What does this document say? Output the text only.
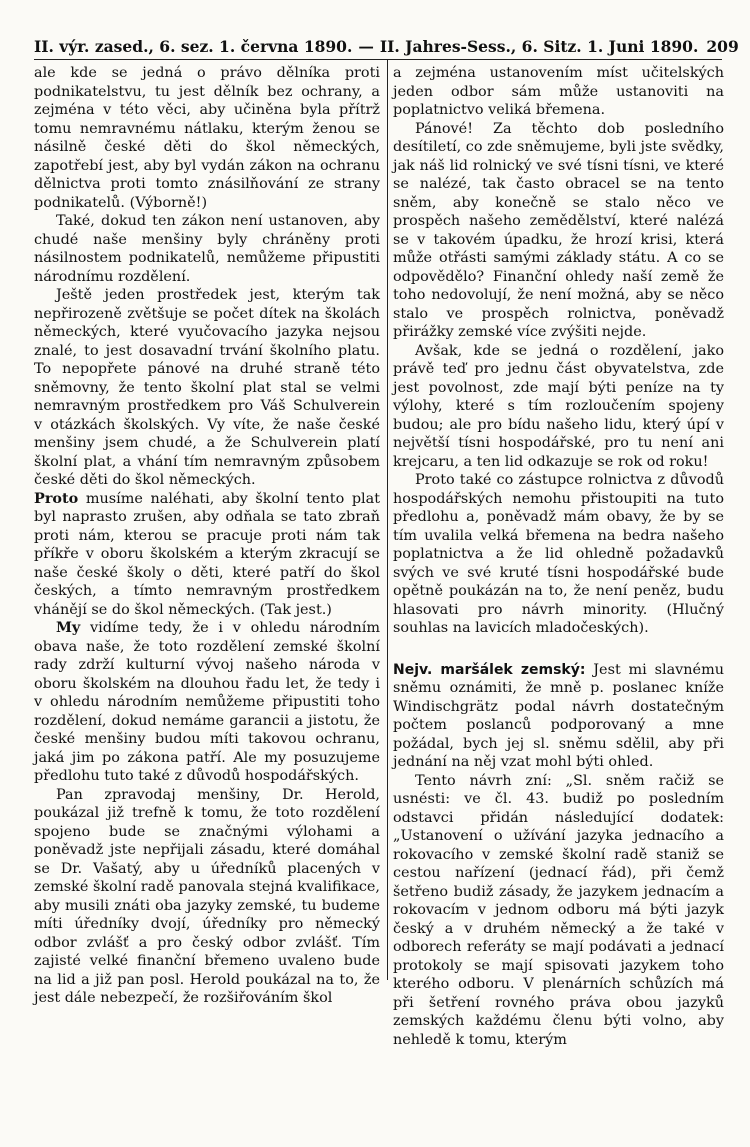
II. výr. zased., 6. sez. 1. června 1890. — II. Jahres-Sess., 6. Sitz. 1. Juni 1890. 209

ale kde se jedná o právo dělníka proti podnikatelstvu, tu jest dělník bez ochrany, a zejména v této věci, aby učiněna byla přítrž tomu nemravnému nátlaku, kterým ženou se násilně české děti do škol německých, zapotřebí jest, aby byl vydán zákon na ochranu dělnictva proti tomto znásilňování ze strany podnikatelů. (Výborně!)

Také, dokud ten zákon není ustanoven, aby chudé naše menšiny byly chráněny proti násilnostem podnikatelů, nemůžeme připustiti národnímu rozdělení.

Ještě jeden prostředek jest, kterým tak nepřirozeně zvětšuje se počet dítek na školách německých, které vyučovacího jazyka nejsou znalé, to jest dosavadní trvání školního platu. To nepopřete pánové na druhé straně této sněmovny, že tento školní plat stal se velmi nemravným prostředkem pro Váš Schulverein v otázkách školských. Vy víte, že naše české menšiny jsem chudé, a že Schulverein platí školní plat, a vhání tím nemravným způsobem české děti do škol německých.

Proto musíme naléhati, aby školní tento plat byl naprasto zrušen, aby odňala se tato zbraň proti nám, kterou se pracuje proti nám tak příkře v oboru školském a kterým zkracují se naše české školy o děti, které patří do škol českých, a tímto nemravným prostředkem vhánějí se do škol německých. (Tak jest.)

My vidíme tedy, že i v ohledu národním obava naše, že toto rozdělení zemské školní rady zdrží kulturní vývoj našeho národa v oboru školském na dlouhou řadu let, že tedy i v ohledu národním nemůžeme připustiti toho rozdělení, dokud nemáme garancii a jistotu, že české menšiny budou míti takovou ochranu, jaká jim po zákona patří. Ale my posuzujeme předlohu tuto také z důvodů hospodářských.

Pan zpravodaj menšiny, Dr. Herold, poukázal již trefně k tomu, že toto rozdělení spojeno bude se značnými výlohami a poněvadž jste nepřijali zásadu, které domáhal se Dr. Vašatý, aby u úředníků placených v zemské školní radě panovala stejná kvalifikace, aby musili znáti oba jazyky zemské, tu budeme míti úředníky dvojí, úředníky pro německý odbor zvlášť a pro český odbor zvlášť. Tím zajisté velké finanční břemeno uvaleno bude na lid a již pan posl. Herold poukázal na to, že jest dále nebezpečí, že rozšiřováním škol

a zejména ustanovením míst učitelských jeden odbor sám může ustanoviti na poplatnictvo veliká břemena.

Pánové! Za těchto dob posledního desítiletí, co zde sněmujeme, byli jste svědky, jak náš lid rolnický ve své tísni tísni, ve které se nalézé, tak často obracel se na tento sněm, aby konečně se stalo něco ve prospěch našeho zemědělství, které nalézá se v takovém úpadku, že hrozí krisi, která může otřásti samými základy státu. A co se odpovědělo? Finanční ohledy naší země že toho nedovolují, že není možná, aby se něco stalo ve prospěch rolnictva, poněvadž přirážky zemské více zvýšiti nejde.

Avšak, kde se jedná o rozdělení, jako právě teď pro jednu část obyvatelstva, zde jest povolnost, zde mají býti peníze na ty výlohy, které s tím rozloučením spojeny budou; ale pro bídu našeho lidu, který úpí v největší tísni hospodářské, pro tu není ani krejcaru, a ten lid odkazuje se rok od roku!

Proto také co zástupce rolnictva z důvodů hospodářských nemohu přistoupiti na tuto předlohu a, poněvadž mám obavy, že by se tím uvalila velká břemena na bedra našeho poplatnictva a že lid ohledně požadavků svých ve své kruté tísni hospodářské bude opětně poukázán na to, že není peněz, budu hlasovati pro návrh minority. (Hlučný souhlas na lavicích mladočeských).

Nejv. maršálek zemský: Jest mi slavnému sněmu oznámiti, že mně p. poslanec kníže Windischgrätz podal návrh dostatečným počtem poslanců podporovaný a mne požádal, bych jej sl. sněmu sdělil, aby při jednání na něj vzat mohl býti ohled.

Tento návrh zní: „Sl. sněm račiž se usnésti: ve čl. 43. budiž po posledním odstavci přidán následující dodatek: „Ustanovení o užívání jazyka jednacího a rokovacího v zemské školní radě staniž se cestou nařízení (jednací řád), při čemž šetřeno budiž zásady, že jazykem jednacím a rokovacím v jednom odboru má býti jazyk český a v druhém německý a že také v odborech referáty se mají podávati a jednací protokoly se mají spisovati jazykem toho kterého odboru. V plenárních schůzích má při šetření rovného práva obou jazyků zemských každému členu býti volno, aby nehledě k tomu, kterým
